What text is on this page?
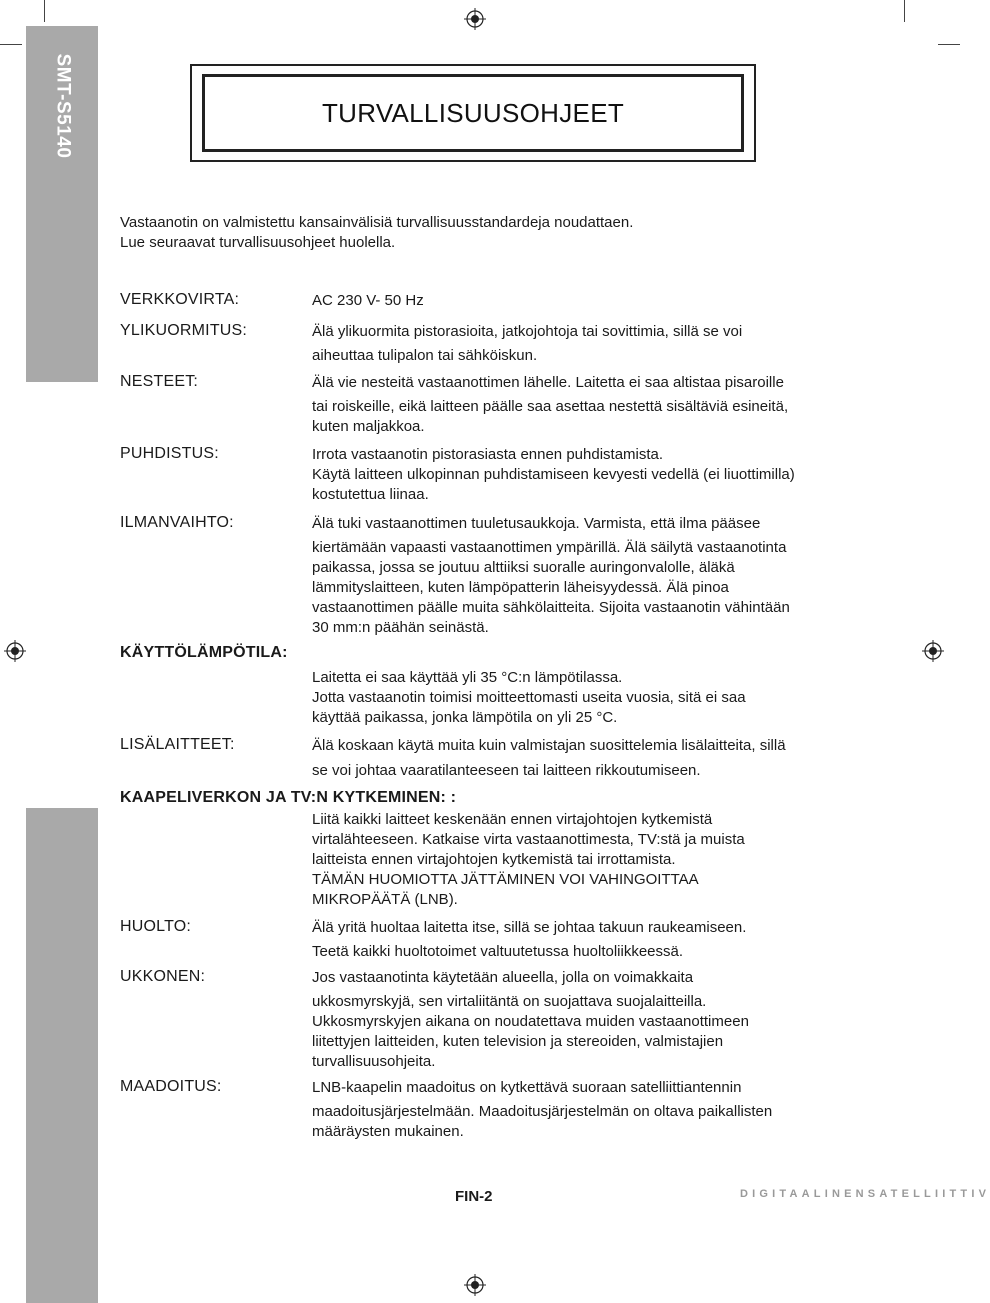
SMT-S5140	TURVALLISUUSOHJEET
Vastaanotin on valmistettu kansainvälisiä turvallisuusstandardeja noudattaen.
Lue seuraavat turvallisuusohjeet huolella.
VERKKOVIRTA:	AC 230 V- 50 Hz
YLIKUORMITUS:	Älä ylikuormita pistorasioita, jatkojohtoja tai sovittimia, sillä se voi
aiheuttaa tulipalon tai sähköiskun.
NESTEET:	Älä vie nesteitä vastaanottimen lähelle. Laitetta ei saa altistaa pisaroille
tai roiskeille, eikä laitteen päälle saa asettaa nestettä sisältäviä esineitä,
kuten maljakkoa.
PUHDISTUS:	Irrota vastaanotin pistorasiasta ennen puhdistamista.
Käytä laitteen ulkopinnan puhdistamiseen kevyesti vedellä (ei liuottimilla)
kostutettua liinaa.
ILMANVAIHTO:	Älä tuki vastaanottimen tuuletusaukkoja. Varmista, että ilma pääsee
kiertämään vapaasti vastaanottimen ympärillä. Älä säilytä vastaanotinta
paikassa, jossa se joutuu alttiiksi suoralle auringonvalolle, äläkä
lämmityslaitteen, kuten lämpöpatterin läheisyydessä. Älä pinoa
vastaanottimen päälle muita sähkölaitteita. Sijoita vastaanotin vähintään
30 mm:n päähän seinästä.
KÄYTTÖLÄMPÖTILA:
Laitetta ei saa käyttää yli 35 °C:n lämpötilassa.
Jotta vastaanotin toimisi moitteettomasti useita vuosia, sitä ei saa
käyttää paikassa, jonka lämpötila on yli 25 °C.
LISÄLAITTEET:	Älä koskaan käytä muita kuin valmistajan suosittelemia lisälaitteita, sillä
se voi johtaa vaaratilanteeseen tai laitteen rikkoutumiseen.
KAAPELIVERKON JA TV:N KYTKEMINEN: :
Liitä kaikki laitteet keskenään ennen virtajohtojen kytkemistä
virtalähteeseen. Katkaise virta vastaanottimesta, TV:stä ja muista
laitteista ennen virtajohtojen kytkemistä tai irrottamista.
TÄMÄN HUOMIOTTA JÄTTÄMINEN VOI VAHINGOITTAA
MIKROPÄÄTÄ (LNB).
HUOLTO:	Älä yritä huoltaa laitetta itse, sillä se johtaa takuun raukeamiseen.
Teetä kaikki huoltotoimet valtuutetussa huoltoliikkeessä.
UKKONEN:	Jos vastaanotinta käytetään alueella, jolla on voimakkaita
ukkosmyrskyjä, sen virtaliitäntä on suojattava suojalaitteilla.
Ukkosmyrskyjen aikana on noudatettava muiden vastaanottimeen
liitettyjen laitteiden, kuten television ja stereoiden, valmistajien
turvallisuusohjeita.
MAADOITUS:	LNB-kaapelin maadoitus on kytkettävä suoraan satelliittiantennin
maadoitusjärjestelmään. Maadoitusjärjestelmän on oltava paikallisten
määräysten mukainen.
FIN-2	DIGITAALINENSATELLIITTIV
